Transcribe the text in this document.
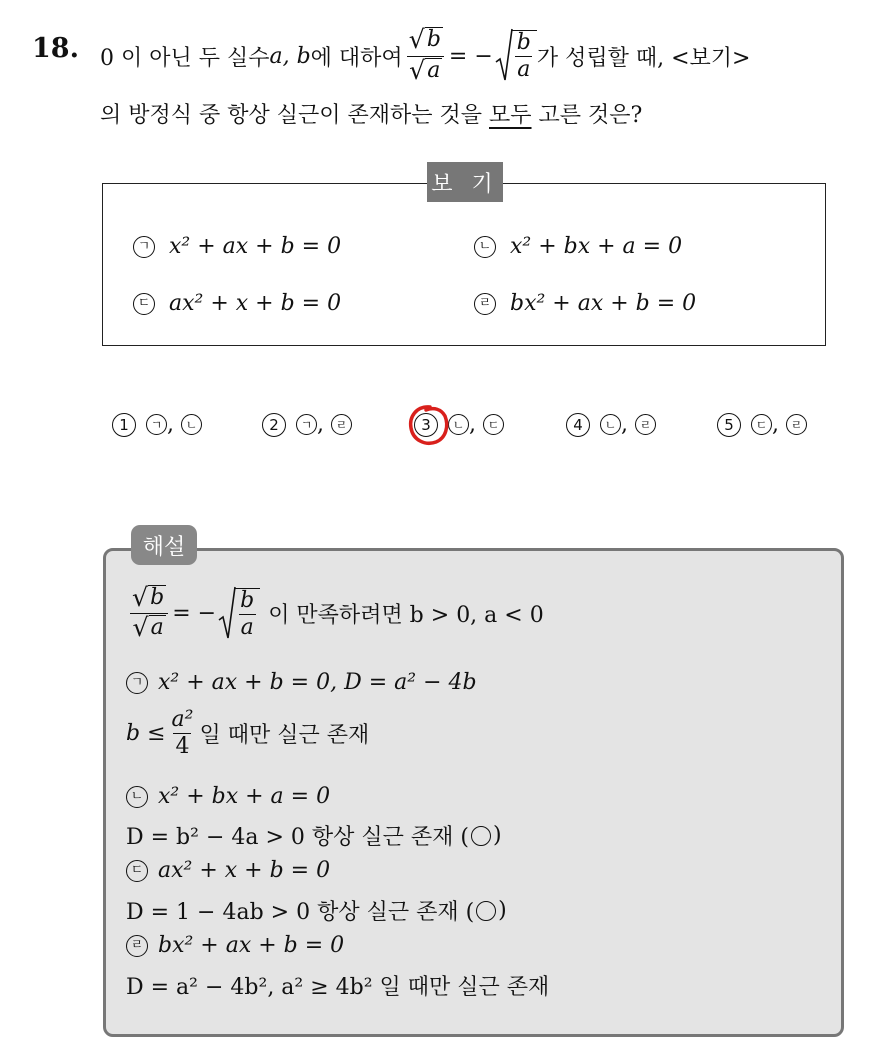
18. 0 이 아닌 두 실수 a, b 에 대하여 $\frac{√ b}{√ a}$ = − $\frac{b}{a}$ 가 성립할 때, <보기>
의 방정식 중 항상 실근이 존재하는 것을 모두 고른 것은?
보 기
ㄱ x² + ax + b = 0	ㄴ x² + bx + a = 0
ㄷ ax² + x + b = 0	ㄹ bx² + ax + b = 0
1	ㄱ , ㄴ	2	ㄱ , ㄹ	3	ㄴ , ㄷ	4	ㄴ , ㄹ	5	ㄷ , ㄹ
해설
$\frac{√ b}{√ a}$ = − $\frac{b}{a}$ 이 만족하려면 b > 0, a < 0
ㄱ x² + ax + b = 0, D = a² − 4b
$b \le \frac{\text{a²}}{4}$ 일 때만 실근 존재
ㄴ x² + bx + a = 0
D = b² − 4a > 0 항상 실근 존재 ( )
ㄷ ax² + x + b = 0
D = 1 − 4ab > 0 항상 실근 존재 ( )
ㄹ bx² + ax + b = 0
D = a² − 4b², a² ≥ 4b² 일 때만 실근 존재
